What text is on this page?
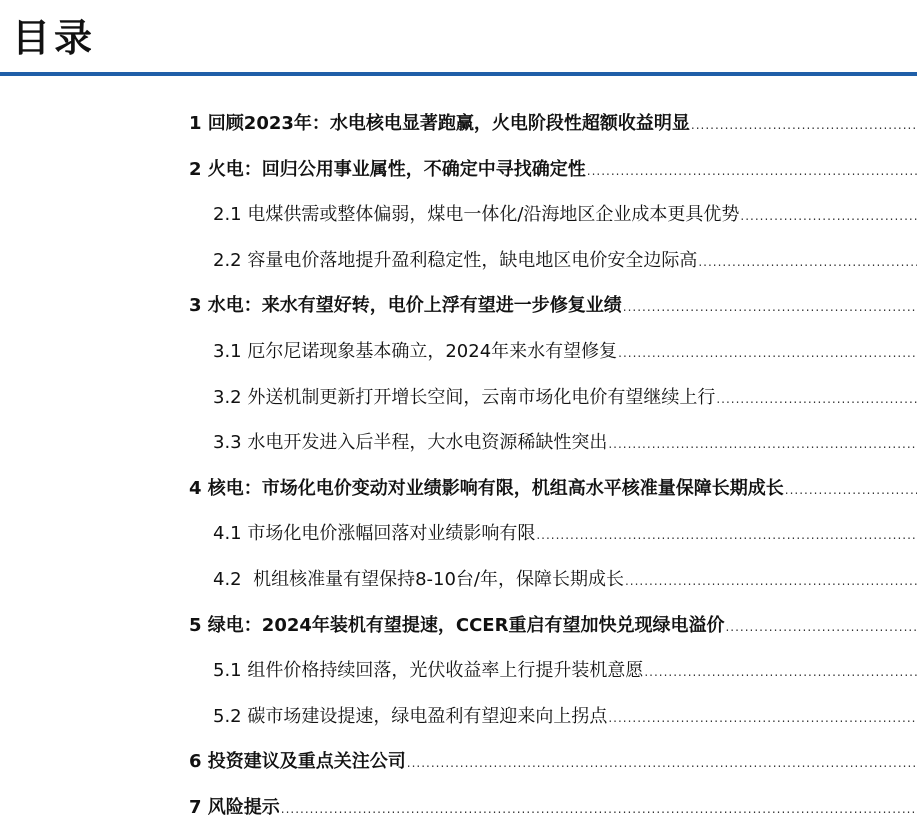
目录
1 回顾2023年：水电核电显著跑赢，火电阶段性超额收益明显
.....
2 火电：回归公用事业属性，不确定中寻找确定性
.....
2.1 电煤供需或整体偏弱，煤电一体化/沿海地区企业成本更具优势
.....
2.2 容量电价落地提升盈利稳定性，缺电地区电价安全边际高
.....
3 水电：来水有望好转，电价上浮有望进一步修复业绩
.....
3.1 厄尔尼诺现象基本确立，2024年来水有望修复
.....
3.2 外送机制更新打开增长空间，云南市场化电价有望继续上行
.....
3.3 水电开发进入后半程，大水电资源稀缺性突出
.....
4 核电：市场化电价变动对业绩影响有限，机组高水平核准量保障长期成长
.....
4.1 市场化电价涨幅回落对业绩影响有限
.....
4.2  机组核准量有望保持8-10台/年，保障长期成长
.....
5 绿电：2024年装机有望提速，CCER重启有望加快兑现绿电溢价
.....
5.1 组件价格持续回落，光伏收益率上行提升装机意愿
.....
5.2 碳市场建设提速，绿电盈利有望迎来向上拐点
.....
6 投资建议及重点关注公司
.....
7 风险提示
.....
